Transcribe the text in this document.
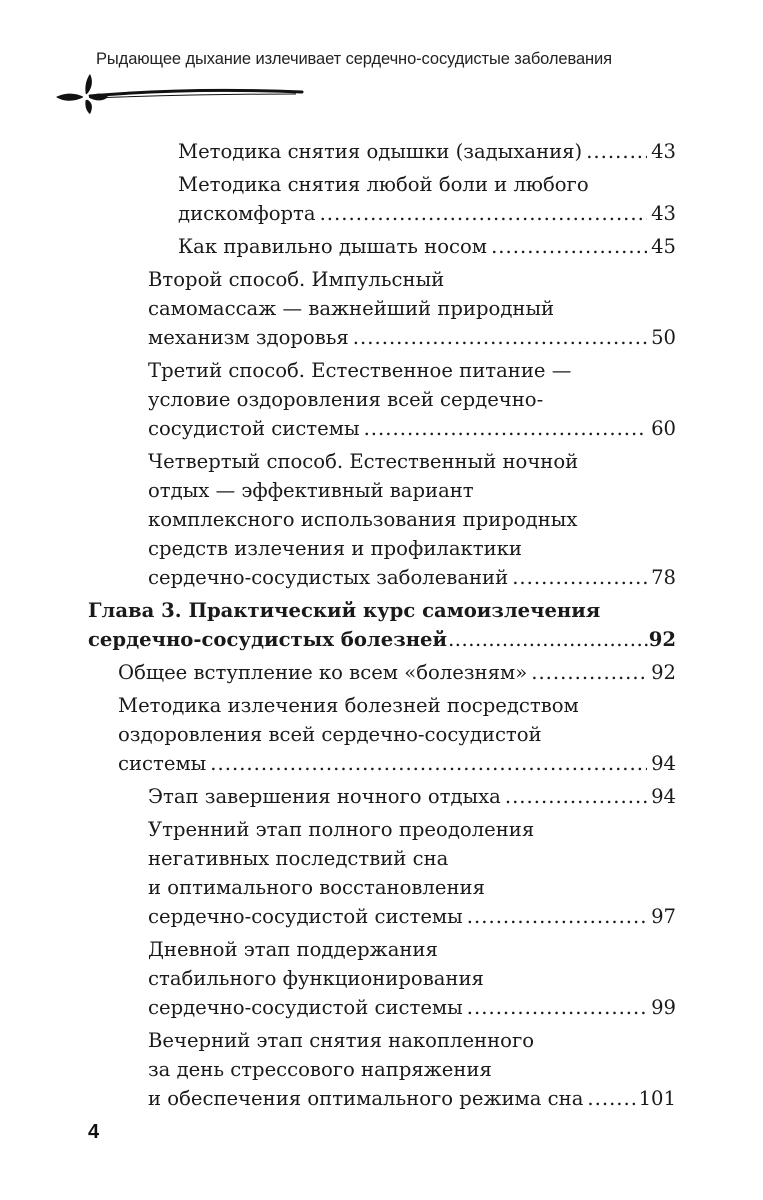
Рыдающее дыхание излечивает сердечно-сосудистые заболевания
Методика снятия одышки (задыхания) .....	43
Методика снятия любой боли и любого
дискомфорта .....	43
Как правильно дышать носом .....	45
Второй способ. Импульсный
самомассаж — важнейший природный
механизм здоровья .....	50
Третий способ. Естественное питание —
условие оздоровления всей сердечно-
сосудистой системы .....	60
Четвертый способ. Естественный ночной
отдых — эффективный вариант
комплексного использования природных
средств излечения и профилактики
сердечно-сосудистых заболеваний .....	78
Глава 3. Практический курс самоизлечения
сердечно-сосудистых болезней .....	92
Общее вступление ко всем «болезням» .....	92
Методика излечения болезней посредством
оздоровления всей сердечно-сосудистой
системы .....	94
Этап завершения ночного отдыха .....	94
Утренний этап полного преодоления
негативных последствий сна
и оптимального восстановления
сердечно-сосудистой системы .....	97
Дневной этап поддержания
стабильного функционирования
сердечно-сосудистой системы .....	99
Вечерний этап снятия накопленного
за день стрессового напряжения
и обеспечения оптимального режима сна .....	101
4
